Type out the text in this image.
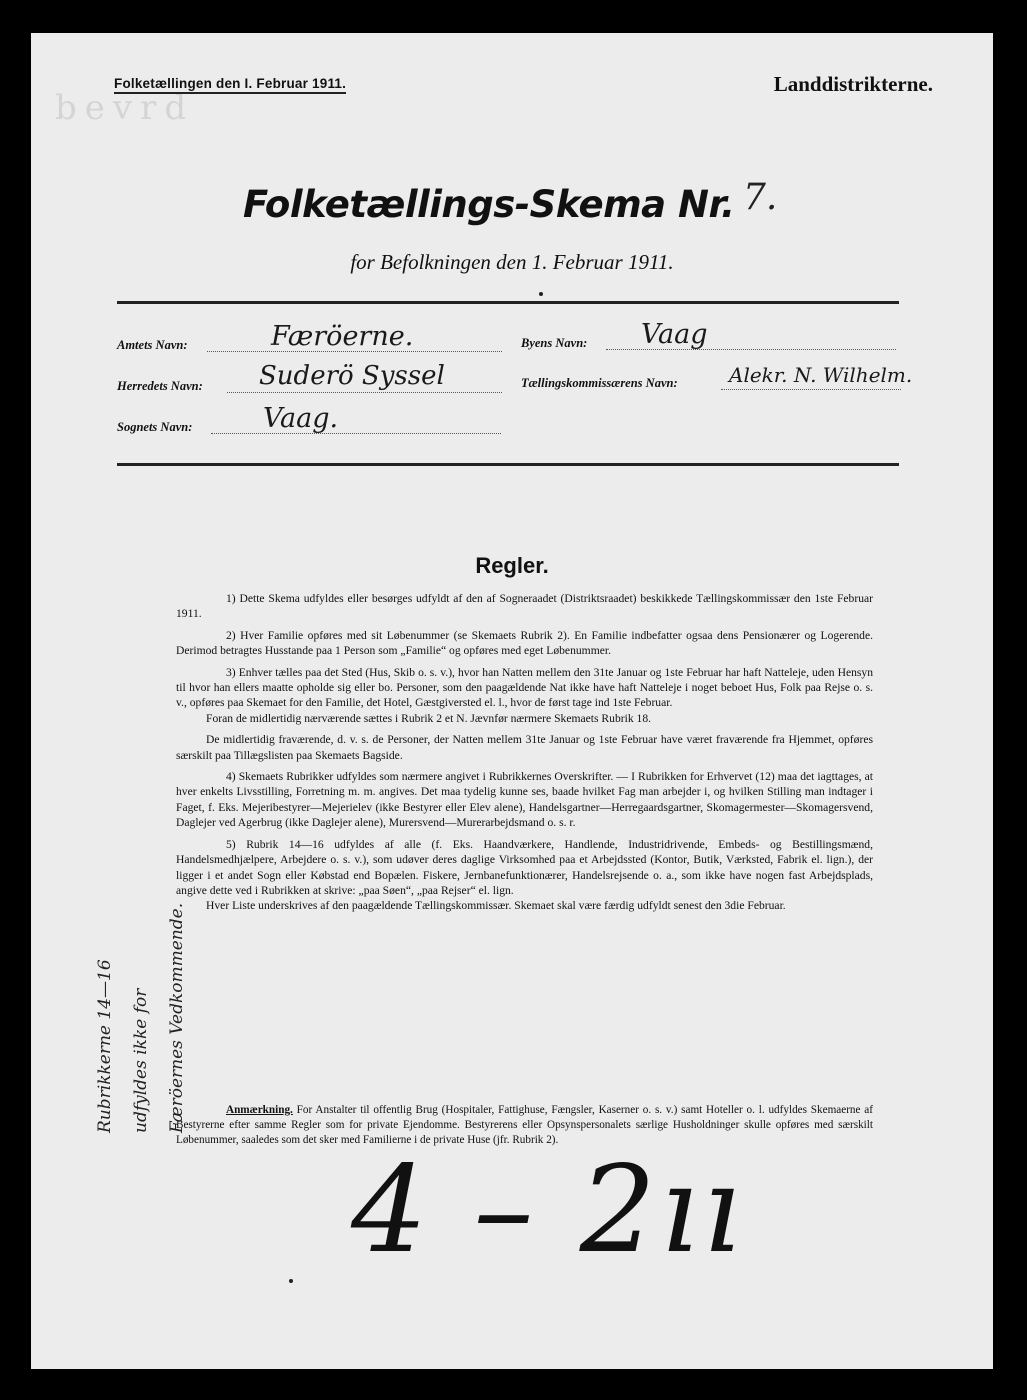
bevrd
Folketællingen den I. Februar 1911.	Landdistrikterne.
Folketællings-Skema Nr. 7.
for Befolkningen den 1. Februar 1911.
Amtets Navn:	Færöerne.	Byens Navn: Vaag
Herredets Navn: Suderö Syssel	Tællingskommissærens Navn:	Alekr. N. Wilhelm.
Sognets Navn:	Vaag.
Regler.

1) Dette Skema udfyldes eller besørges udfyldt af den af Sogneraadet (Distriktsraadet) beskikkede Tællingskommissær den 1ste Februar 1911.

2) Hver Familie opføres med sit Løbenummer (se Skemaets Rubrik 2). En Familie indbefatter ogsaa dens Pensionærer og Logerende. Derimod betragtes Husstande paa 1 Person som „Familie“ og opføres med eget Løbenummer.

3) Enhver tælles paa det Sted (Hus, Skib o. s. v.), hvor han Natten mellem den 31te Januar og 1ste Februar har haft Natteleje, uden Hensyn til hvor han ellers maatte opholde sig eller bo. Personer, som den paagældende Nat ikke have haft Natteleje i noget beboet Hus, Folk paa Rejse o. s. v., opføres paa Skemaet for den Familie, det Hotel, Gæstgiversted el. l., hvor de først tage ind 1ste Februar.

Foran de midlertidig nærværende sættes i Rubrik 2 et N. Jævnfør nærmere Skemaets Rubrik 18.

De midlertidig fraværende, d. v. s. de Personer, der Natten mellem 31te Januar og 1ste Februar have været fraværende fra Hjemmet, opføres særskilt paa Tillægslisten paa Skemaets Bagside.

4) Skemaets Rubrikker udfyldes som nærmere angivet i Rubrikkernes Overskrifter. — I Rubrikken for Erhvervet (12) maa det iagttages, at hver enkelts Livsstilling, Forretning m. m. angives. Det maa tydelig kunne ses, baade hvilket Fag man arbejder i, og hvilken Stilling man indtager i Faget, f. Eks. Mejeribestyrer—Mejerielev (ikke Bestyrer eller Elev alene), Handelsgartner—Herregaardsgartner, Skomagermester—Skomagersvend, Daglejer ved Agerbrug (ikke Daglejer alene), Murersvend—Murerarbejdsmand o. s. r.

5) Rubrik 14—16 udfyldes af alle (f. Eks. Haandværkere, Handlende, Industridrivende, Embeds- og Bestillingsmænd, Handelsmedhjælpere, Arbejdere o. s. v.), som udøver deres daglige Virksomhed paa et Arbejdssted (Kontor, Butik, Værksted, Fabrik el. lign.), der ligger i et andet Sogn eller Købstad end Bopælen. Fiskere, Jernbanefunktionærer, Handelsrejsende o. a., som ikke have nogen fast Arbejdsplads, angive dette ved i Rubrikken at skrive: „paa Søen“, „paa Rejser“ el. lign.

Hver Liste underskrives af den paagældende Tællingskommissær. Skemaet skal være færdig udfyldt senest den 3die Februar.

Anmærkning. For Anstalter til offentlig Brug (Hospitaler, Fattighuse, Fængsler, Kaserner o. s. v.) samt Hoteller o. l. udfyldes Skemaerne af Bestyrerne efter samme Regler som for private Ejendomme. Bestyrerens eller Opsynspersonalets særlige Husholdninger skulle opføres med særskilt Løbenummer, saaledes som det sker med Familierne i de private Huse (jfr. Rubrik 2).
Rubrikkerne 14—16 udfyldes ikke for Færöernes Vedkommende.
4 – 2ıı
